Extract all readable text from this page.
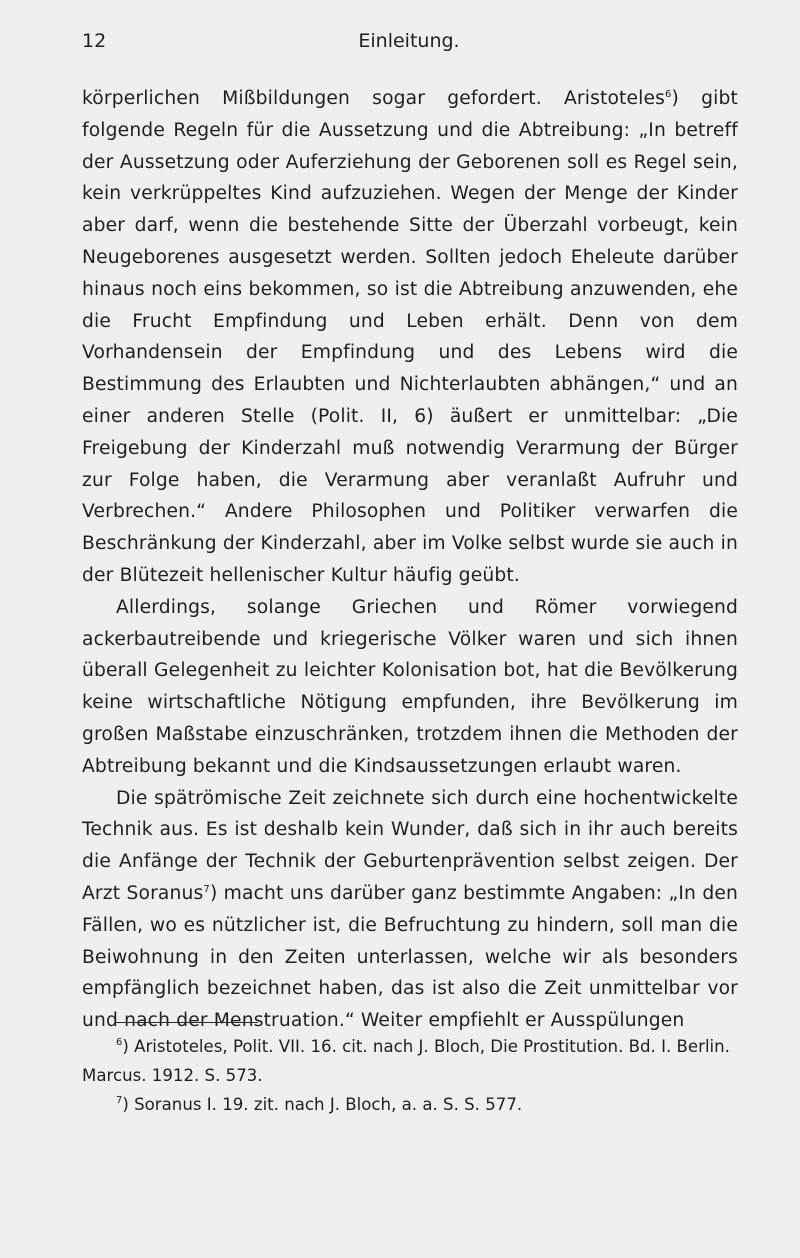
12	Einleitung.

körperlichen Mißbildungen sogar gefordert. Aristoteles$^6$) gibt folgende Regeln für die Aussetzung und die Abtreibung: „In betreff der Aussetzung oder Auferziehung der Geborenen soll es Regel sein, kein verkrüppeltes Kind aufzuziehen. Wegen der Menge der Kinder aber darf, wenn die bestehende Sitte der Überzahl vorbeugt, kein Neugeborenes ausgesetzt werden. Sollten jedoch Eheleute darüber hinaus noch eins bekommen, so ist die Abtreibung anzuwenden, ehe die Frucht Empfindung und Leben erhält. Denn von dem Vorhandensein der Empfindung und des Lebens wird die Bestimmung des Erlaubten und Nichterlaubten abhängen,“ und an einer anderen Stelle (Polit. II, 6) äußert er unmittelbar: „Die Freigebung der Kinderzahl muß notwendig Verarmung der Bürger zur Folge haben, die Verarmung aber veranlaßt Aufruhr und Verbrechen.“ Andere Philosophen und Politiker verwarfen die Beschränkung der Kinderzahl, aber im Volke selbst wurde sie auch in der Blütezeit hellenischer Kultur häufig geübt.

Allerdings, solange Griechen und Römer vorwiegend ackerbautreibende und kriegerische Völker waren und sich ihnen überall Gelegenheit zu leichter Kolonisation bot, hat die Bevölkerung keine wirtschaftliche Nötigung empfunden, ihre Bevölkerung im großen Maßstabe einzuschränken, trotzdem ihnen die Methoden der Abtreibung bekannt und die Kindsaussetzungen erlaubt waren.

Die spätrömische Zeit zeichnete sich durch eine hochentwickelte Technik aus. Es ist deshalb kein Wunder, daß sich in ihr auch bereits die Anfänge der Technik der Geburtenprävention selbst zeigen. Der Arzt Soranus$^7$) macht uns darüber ganz bestimmte Angaben: „In den Fällen, wo es nützlicher ist, die Befruchtung zu hindern, soll man die Beiwohnung in den Zeiten unterlassen, welche wir als besonders empfänglich bezeichnet haben, das ist also die Zeit unmittelbar vor und nach der Menstruation.“ Weiter empfiehlt er Ausspülungen

$^6$) Aristoteles, Polit. VII. 16. cit. nach J. Bloch, Die Prostitution. Bd. I. Berlin. Marcus. 1912. S. 573.

$^7$) Soranus I. 19. zit. nach J. Bloch, a. a. S. S. 577.
